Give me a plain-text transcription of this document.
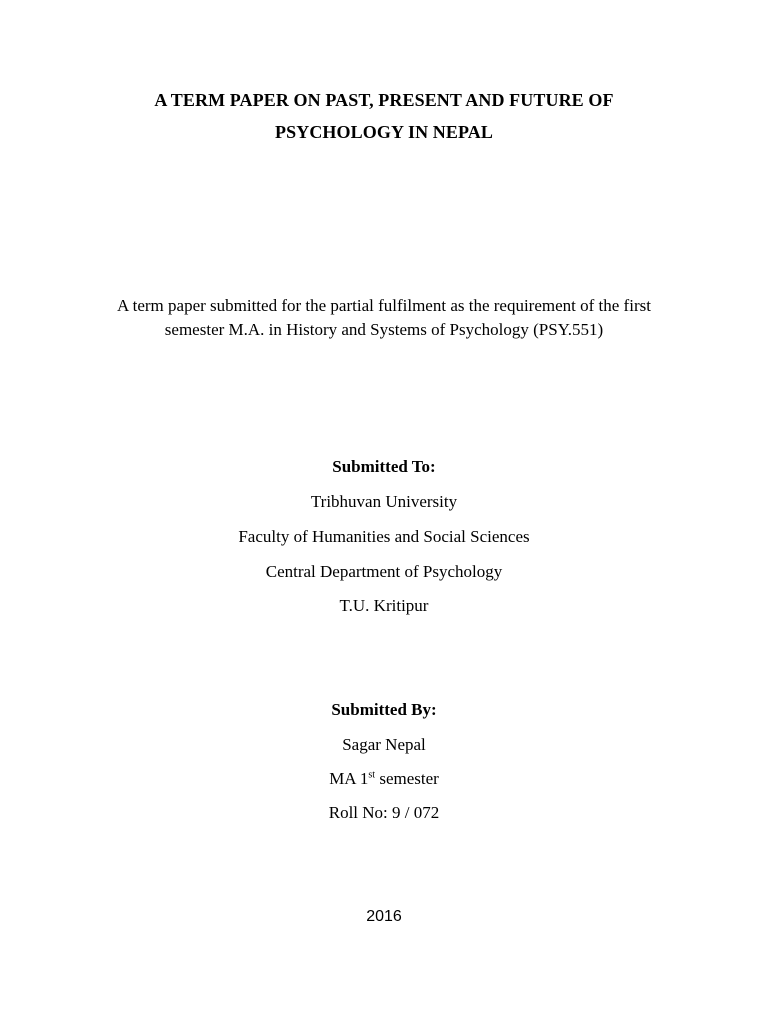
A TERM PAPER ON PAST, PRESENT AND FUTURE OF
PSYCHOLOGY IN NEPAL
A term paper submitted for the partial fulfilment as the requirement of the first
semester M.A. in History and Systems of Psychology (PSY.551)
Submitted To:
Tribhuvan University
Faculty of Humanities and Social Sciences
Central Department of Psychology
T.U. Kritipur
Submitted By:
Sagar Nepal
MA 1st semester
Roll No: 9 / 072
2016
